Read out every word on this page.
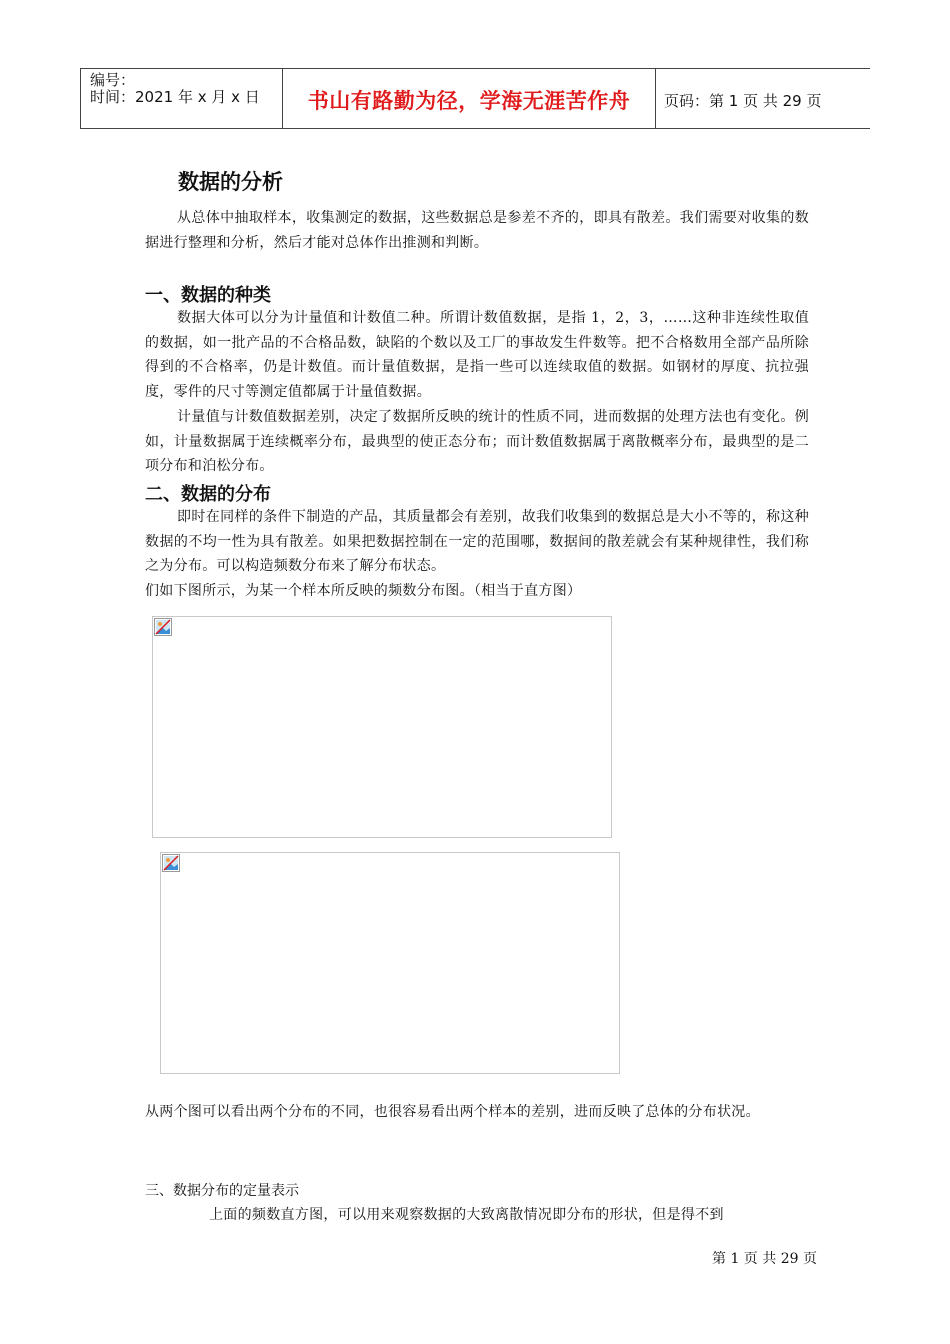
编号：
时间：2021 年 x 月 x 日	书山有路勤为径，学海无涯苦作舟	页码：第 1 页 共 29 页
数据的分析
从总体中抽取样本，收集测定的数据，这些数据总是参差不齐的，即具有散差。我们需要对收集的数据进行整理和分析，然后才能对总体作出推测和判断。
一、数据的种类
数据大体可以分为计量值和计数值二种。所谓计数值数据，是指 1，2，3，……这种非连续性取值的数据，如一批产品的不合格品数，缺陷的个数以及工厂的事故发生件数等。把不合格数用全部产品所除得到的不合格率，仍是计数值。而计量值数据，是指一些可以连续取值的数据。如钢材的厚度、抗拉强度，零件的尺寸等测定值都属于计量值数据。
计量值与计数值数据差别，决定了数据所反映的统计的性质不同，进而数据的处理方法也有变化。例如，计量数据属于连续概率分布，最典型的使正态分布；而计数值数据属于离散概率分布，最典型的是二项分布和泊松分布。
二、数据的分布
即时在同样的条件下制造的产品，其质量都会有差别，故我们收集到的数据总是大小不等的，称这种数据的不均一性为具有散差。如果把数据控制在一定的范围哪，数据间的散差就会有某种规律性，我们称之为分布。可以构造频数分布来了解分布状态。
们如下图所示，为某一个样本所反映的频数分布图。（相当于直方图）
从两个图可以看出两个分布的不同，也很容易看出两个样本的差别，进而反映了总体的分布状况。
三、数据分布的定量表示
上面的频数直方图，可以用来观察数据的大致离散情况即分布的形状，但是得不到
第 1 页 共 29 页
